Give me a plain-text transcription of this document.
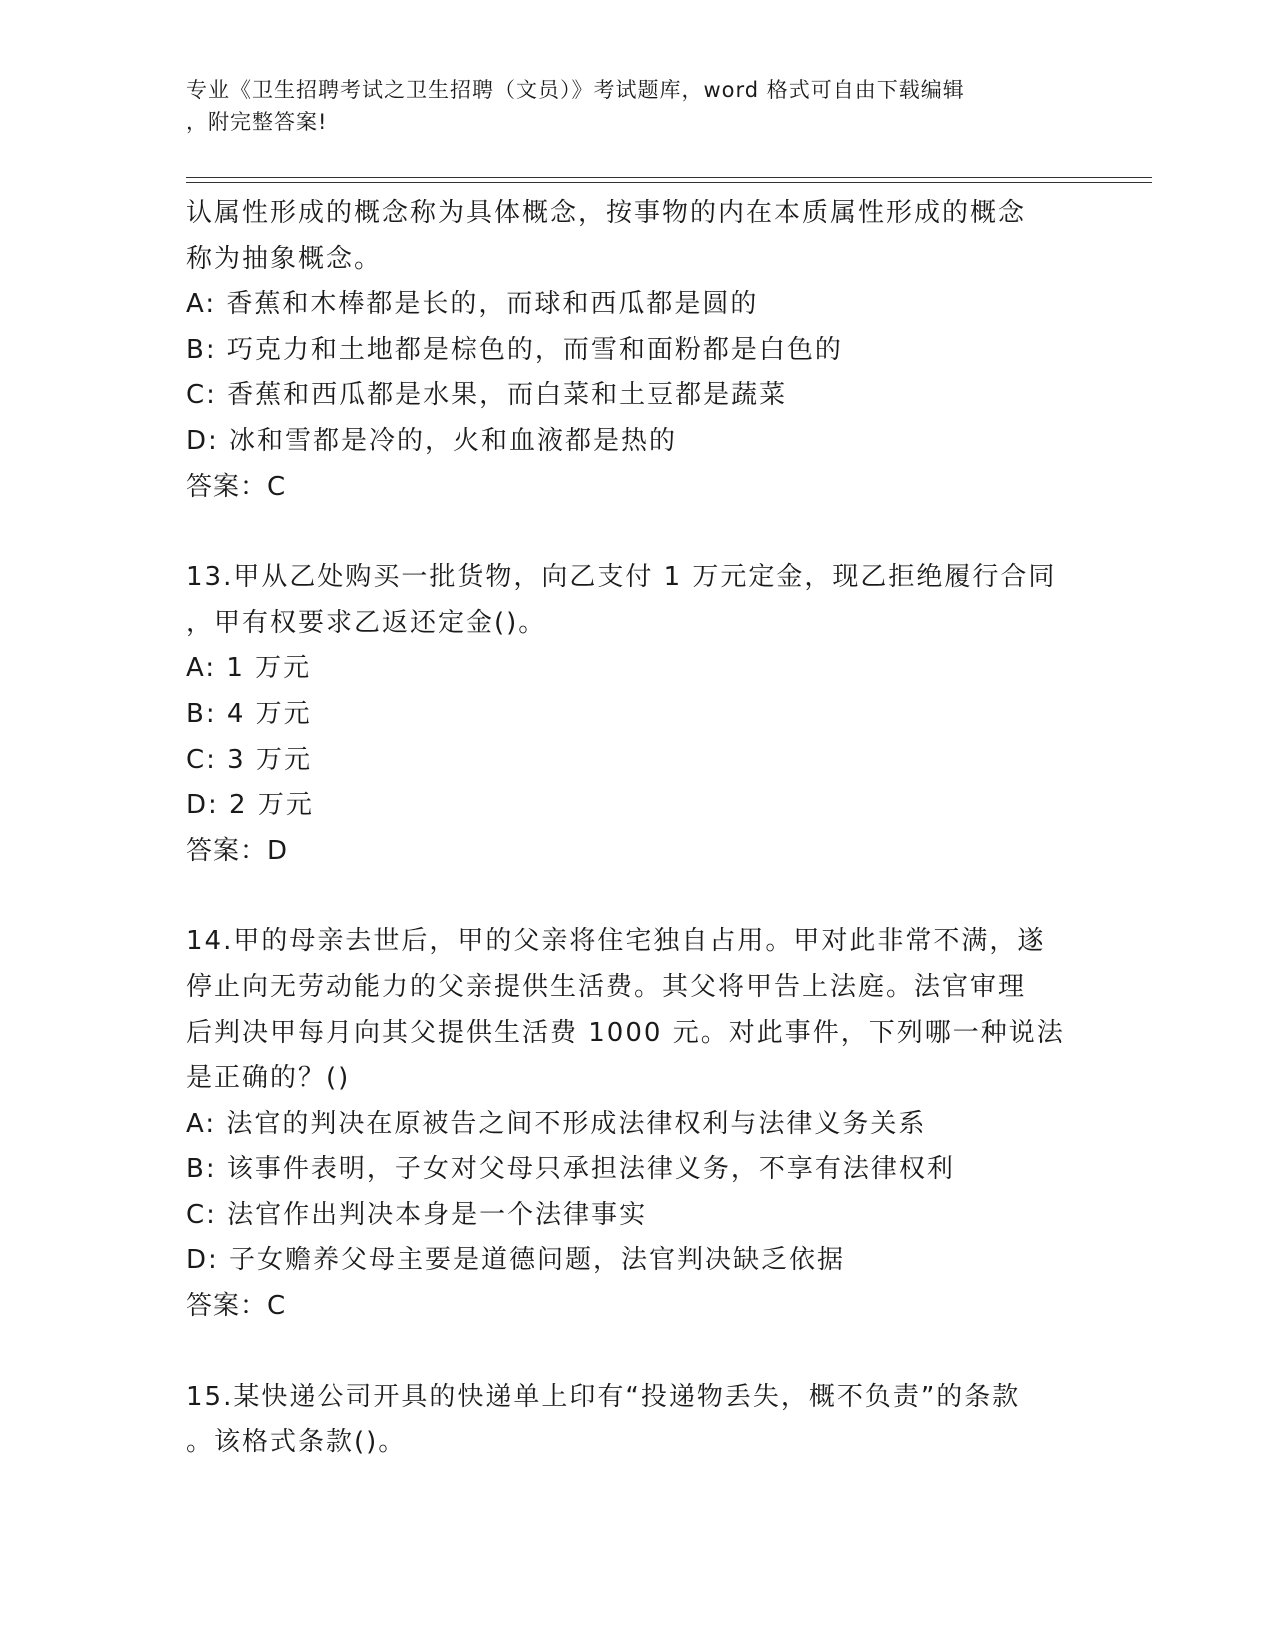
专业《卫生招聘考试之卫生招聘（文员）》考试题库，word 格式可自由下载编辑
，附完整答案!
认属性形成的概念称为具体概念，按事物的内在本质属性形成的概念
称为抽象概念。
A: 香蕉和木棒都是长的，而球和西瓜都是圆的
B: 巧克力和土地都是棕色的，而雪和面粉都是白色的
C: 香蕉和西瓜都是水果，而白菜和土豆都是蔬菜
D: 冰和雪都是冷的，火和血液都是热的
答案：C
13.甲从乙处购买一批货物，向乙支付 1 万元定金，现乙拒绝履行合同
，甲有权要求乙返还定金()。
A: 1 万元
B: 4 万元
C: 3 万元
D: 2 万元
答案：D
14.甲的母亲去世后，甲的父亲将住宅独自占用。甲对此非常不满，遂
停止向无劳动能力的父亲提供生活费。其父将甲告上法庭。法官审理
后判决甲每月向其父提供生活费 1000 元。对此事件，下列哪一种说法
是正确的？()
A: 法官的判决在原被告之间不形成法律权利与法律义务关系
B: 该事件表明，子女对父母只承担法律义务，不享有法律权利
C: 法官作出判决本身是一个法律事实
D: 子女赡养父母主要是道德问题，法官判决缺乏依据
答案：C
15.某快递公司开具的快递单上印有“投递物丢失，概不负责”的条款
。该格式条款()。
